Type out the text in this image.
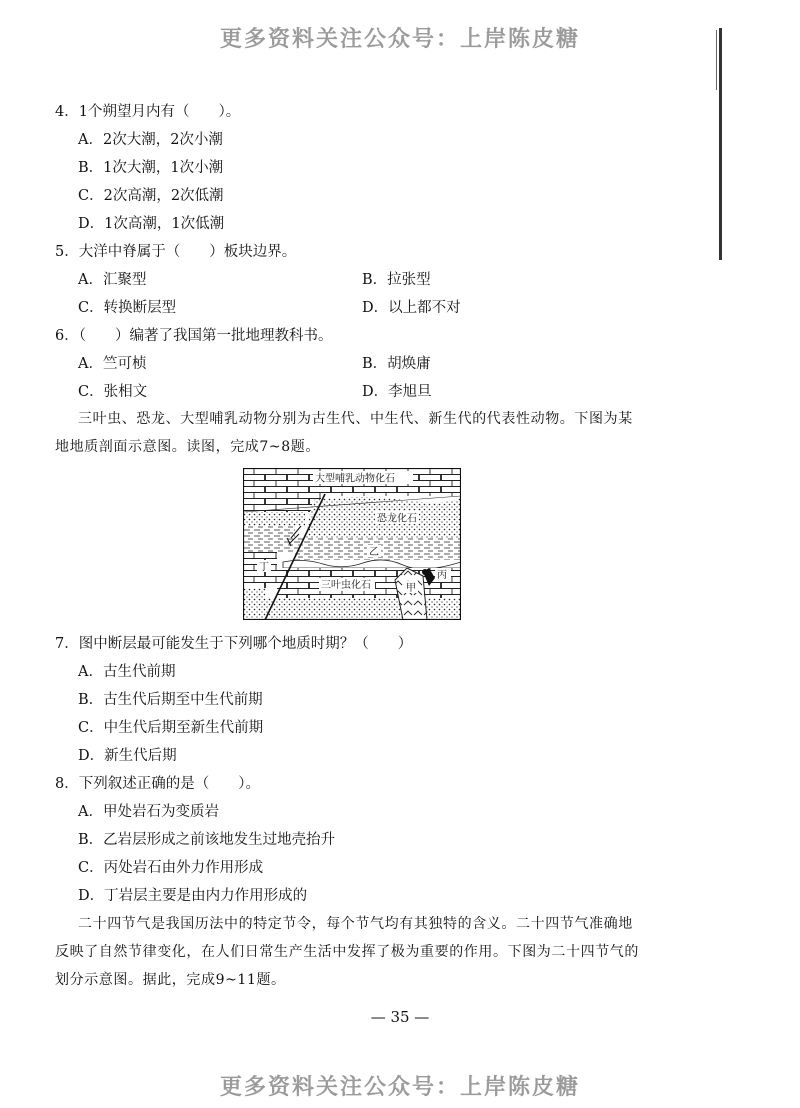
更多资料关注公众号：上岸陈皮糖
4．1个朔望月内有（　　）。
A．2次大潮，2次小潮
B．1次大潮，1次小潮
C．2次高潮，2次低潮
D．1次高潮，1次低潮
5．大洋中脊属于（　　）板块边界。
A．汇聚型	B．拉张型
C．转换断层型	D．以上都不对
6．（　　）编著了我国第一批地理教科书。
A．竺可桢	B．胡焕庸
C．张相文	D．李旭旦
三叶虫、恐龙、大型哺乳动物分别为古生代、中生代、新生代的代表性动物。下图为某
地地质剖面示意图。读图，完成7~8题。
大型哺乳动物化石
恐龙化石
乙
丁
三叶虫化石	甲
丙
7．图中断层最可能发生于下列哪个地质时期？（　　）
A．古生代前期
B．古生代后期至中生代前期
C．中生代后期至新生代前期
D．新生代后期
8．下列叙述正确的是（　　）。
A．甲处岩石为变质岩
B．乙岩层形成之前该地发生过地壳抬升
C．丙处岩石由外力作用形成
D．丁岩层主要是由内力作用形成的
二十四节气是我国历法中的特定节令，每个节气均有其独特的含义。二十四节气准确地
反映了自然节律变化，在人们日常生产生活中发挥了极为重要的作用。下图为二十四节气的
划分示意图。据此，完成9~11题。
— 35 —
更多资料关注公众号：上岸陈皮糖
